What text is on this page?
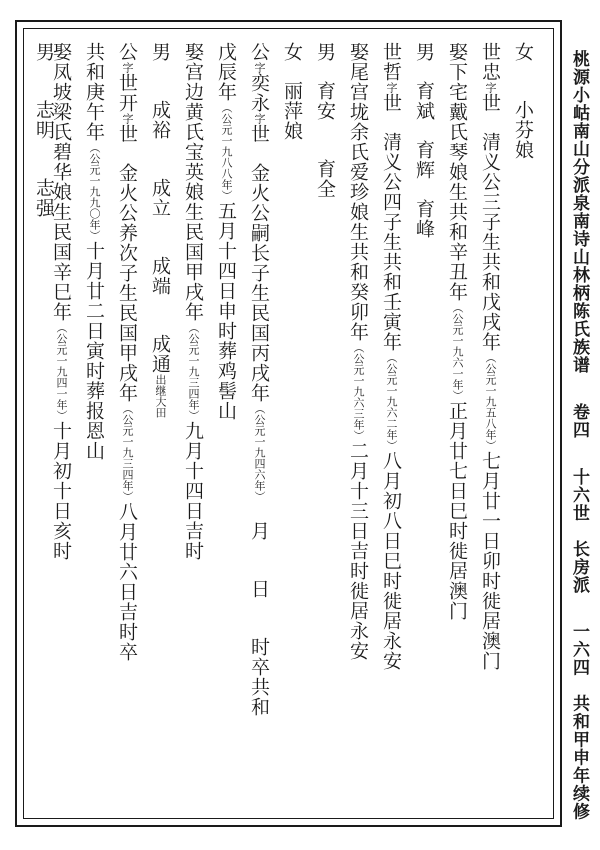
桃源小岵南山分派泉南诗山林柄陈氏族谱 卷四 十六世　长房派 一六四　共和甲申年续修
女小芬娘
世忠字世清义公三子生共和戊戌年（公元一九五八年）七月廿一日卯时徙居澳门
娶下宅戴氏琴娘生共和辛丑年（公元一九六一年）正月廿七日巳时徙居澳门
男育斌育辉育峰
世哲字世清义公四子生共和壬寅年（公元一九六二年）八月初八日巳时徙居永安
娶尾宫垅余氏爱珍娘生共和癸卯年（公元一九六三年）二月十三日吉时徙居永安
男育安育全
女丽萍娘
公字奕永字世金火公嗣长子生民国丙戌年（公元一九四六年）月日时卒共和
戊辰年（公元一九八八年）五月十四日申时葬鸡髻山
娶宫边黄氏宝英娘生民国甲戌年（公元一九三四年）九月十四日吉时
男成裕成立成端成通出继大田
公字世开字世金火公养次子生民国甲戌年（公元一九三四年）八月廿六日吉时卒
共和庚午年（公元一九九〇年）十月廿二日寅时葬报恩山
娶凤坡梁氏碧华娘生民国辛巳年（公元一九四一年）十月初十日亥时
男志明志强
